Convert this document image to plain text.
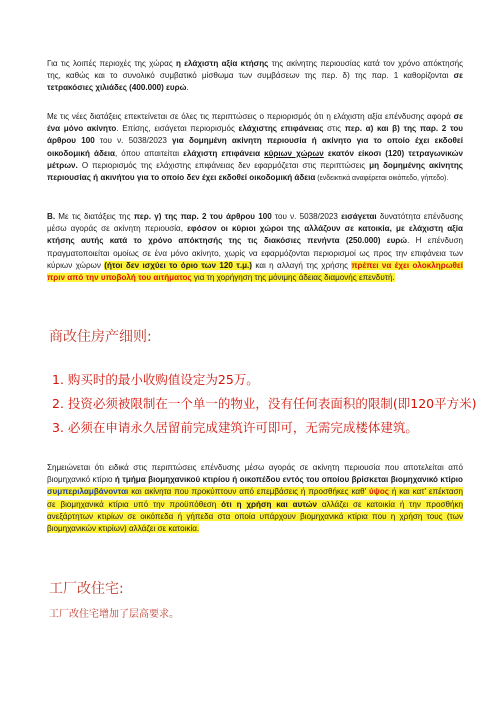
Για τις λοιπές περιοχές της χώρας η ελάχιστη αξία κτήσης της ακίνητης περιουσίας κατά τον χρόνο απόκτησής της, καθώς και το συνολικό συμβατικό μίσθωμα των συμβάσεων της περ. δ) της παρ. 1 καθορίζονται σε τετρακόσιες χιλιάδες (400.000) ευρώ.

Με τις νέες διατάξεις επεκτείνεται σε όλες τις περιπτώσεις ο περιορισμός ότι η ελάχιστη αξία επένδυσης αφορά σε ένα μόνο ακίνητο. Επίσης, εισάγεται περιορισμός ελάχιστης επιφάνειας στις περ. α) και β) της παρ. 2 του άρθρου 100 του ν. 5038/2023 για δομημένη ακίνητη περιουσία ή ακίνητο για το οποίο έχει εκδοθεί οικοδομική άδεια, όπου απαιτείται ελάχιστη επιφάνεια κύριων χώρων εκατόν είκοσι (120) τετραγωνικών μέτρων. Ο περιορισμός της ελάχιστης επιφάνειας δεν εφαρμόζεται στις περιπτώσεις μη δομημένης ακίνητης περιουσίας ή ακινήτου για το οποίο δεν έχει εκδοθεί οικοδομική άδεια (ενδεικτικά αναφέρεται οικόπεδο, γήπεδο).

Β. Με τις διατάξεις της περ. γ) της παρ. 2 του άρθρου 100 του ν. 5038/2023 εισάγεται δυνατότητα επένδυσης μέσω αγοράς σε ακίνητη περιουσία, εφόσον οι κύριοι χώροι της αλλάζουν σε κατοικία, με ελάχιστη αξία κτήσης αυτής κατά το χρόνο απόκτησής της τις διακόσιες πενήντα (250.000) ευρώ. Η επένδυση πραγματοποιείται ομοίως σε ένα μόνο ακίνητο, χωρίς να εφαρμόζονται περιορισμοί ως προς την επιφάνεια των κύριων χώρων (ήτοι δεν ισχύει το όριο των 120 τ.μ.) και η αλλαγή της χρήσης πρέπει να έχει ολοκληρωθεί πριν από την υποβολή του αιτήματος για τη χορήγηση της μόνιμης άδειας διαμονής επενδυτή.

商改住房产细则:

1. 购买时的最小收购值设定为25万。

2. 投资必须被限制在一个单一的物业，没有任何表面积的限制(即120平方米)

3. 必须在申请永久居留前完成建筑许可即可，无需完成楼体建筑。

Σημειώνεται ότι ειδικά στις περιπτώσεις επένδυσης μέσω αγοράς σε ακίνητη περιουσία που αποτελείται από βιομηχανικό κτίριο ή τμήμα βιομηχανικού κτιρίου ή οικοπέδου εντός του οποίου βρίσκεται βιομηχανικό κτίριο συμπεριλαμβάνονται και ακίνητα που προκύπτουν από επεμβάσεις ή προσθήκες καθ' ύψος ή και κατ' επέκταση σε βιομηχανικά κτίρια υπό την προϋπόθεση ότι η χρήση και αυτών αλλάζει σε κατοικία ή την προσθήκη ανεξάρτητων κτιρίων σε οικόπεδα ή γήπεδα στα οποία υπάρχουν βιομηχανικά κτίρια που η χρήση τους (των βιομηχανικών κτιρίων) αλλάζει σε κατοικία.

工厂改住宅:

工厂改住宅增加了层高要求。
